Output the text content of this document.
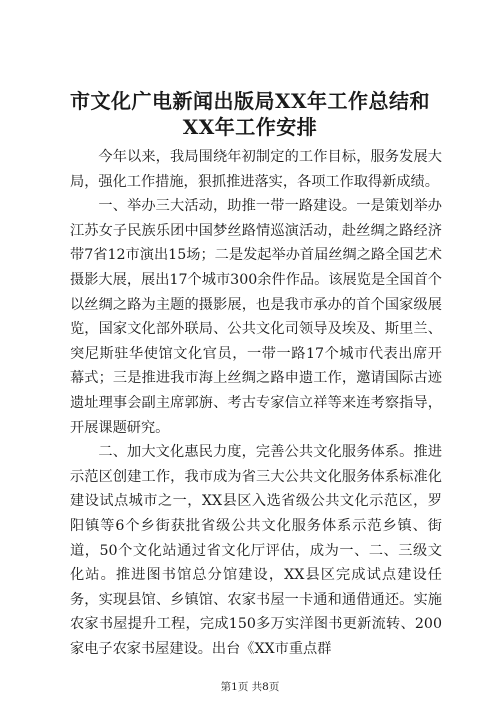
市文化广电新闻出版局XX年工作总结和XX年工作安排

今年以来，我局围绕年初制定的工作目标，服务发展大局，强化工作措施，狠抓推进落实，各项工作取得新成绩。

一、举办三大活动，助推一带一路建设。一是策划举办江苏女子民族乐团中国梦丝路情巡演活动，赴丝绸之路经济带7省12市演出15场；二是发起举办首届丝绸之路全国艺术摄影大展，展出17个城市300余件作品。该展览是全国首个以丝绸之路为主题的摄影展，也是我市承办的首个国家级展览，国家文化部外联局、公共文化司领导及埃及、斯里兰、突尼斯驻华使馆文化官员，一带一路17个城市代表出席开幕式；三是推进我市海上丝绸之路申遗工作，邀请国际古迹遗址理事会副主席郭旃、考古专家信立祥等来连考察指导，开展课题研究。

二、加大文化惠民力度，完善公共文化服务体系。推进示范区创建工作，我市成为省三大公共文化服务体系标准化建设试点城市之一，XX县区入选省级公共文化示范区，罗阳镇等6个乡街获批省级公共文化服务体系示范乡镇、街道，50个文化站通过省文化厅评估，成为一、二、三级文化站。推进图书馆总分馆建设，XX县区完成试点建设任务，实现县馆、乡镇馆、农家书屋一卡通和通借通还。实施农家书屋提升工程，完成150多万实洋图书更新流转、200家电子农家书屋建设。出台《XX市重点群

第1页 共8页
